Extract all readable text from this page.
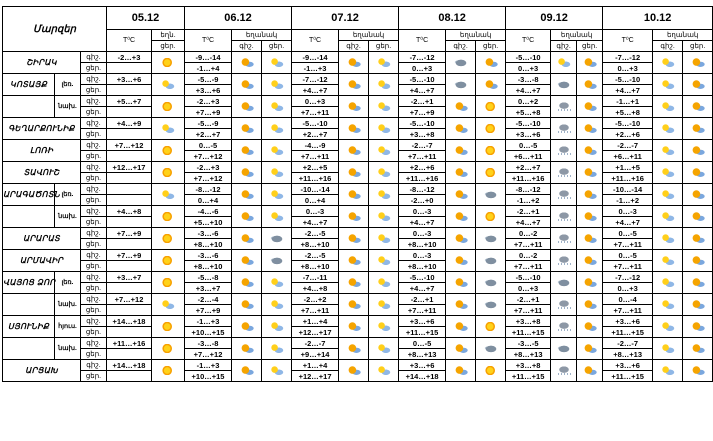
Մարզեր			05.12		06.12			07.12			08.12			09.12			10.12		
			T⁰C	եղն.	T⁰C	եղանակ		T⁰C	եղանակ		T⁰C	եղանակ		T⁰C	եղանակ		T⁰C	եղանակ	
				ցեր.		գիշ.	ցեր.		գիշ.	ցեր.		գիշ.	ցեր.		գիշ.	ցեր.		գիշ.	ցեր.
ՇԻՐԱԿ		գիշ.	-2…+3		-9…-14			-9…-14			-7…-12			-5…-10			-7…-12		
		ցեր.			-1…+4			-1…+3			0…+3			0…+3			0…+3		
ԿՈՏԱՅՔ	լեռ.	գիշ.	+3…+6		-5…-9			-7…-12			-5…-10			-3…-8			-5…-10		
		ցեր.			+3…+6			+4…+7			+4…+7			+4…+7			+4…+7		
	նախ.	գիշ.	+5…+7		-2…+3			0…+3			-2…+1			0…+2			-1…+1		
		ցեր.			+7…+9			+7…+11			+7…+9			+5…+8			+5…+8		
ԳԵՂԱՐՔՈՒՆԻՔ		գիշ.	+4…+9		-5…-9			-5…-10			-5…-10			-5…-10			-5…-10		
		ցեր.			+2…+7			+2…+7			+3…+8			+3…+6			+2…+6		
ԼՈՌԻ		գիշ.	+7…+12		0…-5			-4…-9			-2…-7			0…-5			-2…-7		
		ցեր.			+7…+12			+7…+11			+7…+11			+6…+11			+6…+11		
ՏԱՎՈՒՇ		գիշ.	+12…+17		-2…+3			+2…+5			+2…+6			+2…+7			+1…+5		
		ցեր.			+7…+12			+11…+16			+11…+16			+11…+16			+11…+16		
ԱՐԱԳԱԾՈՏՆ	լեռ.	գիշ.			-8…-12			-10…-14			-8…-12			-8…-12			-10…-14		
		ցեր.			0…+4			0…+4			-2…+0			-1…+2			-1…+2		
	նախ.	գիշ.	+4…+8		-4…-6			0…-3			0…-3			-2…+1			0…-3		
		ցեր.			+5…+10			+4…+7			+4…+7			+4…+7			+4…+7		
ԱՐԱՐԱՏ		գիշ.	+7…+9		-3…-6			-2…-5			0…-3			0…-2			0…-5		
		ցեր.			+8…+10			+8…+10			+8…+10			+7…+11			+7…+11		
ԱՐՄԱՎԻՐ		գիշ.	+7…+9		-3…-6			-2…-5			0…-3			0…-2			0…-5		
		ցեր.			+8…+10			+8…+10			+8…+10			+7…+11			+7…+11		
ՎԱՅՈՑ ՁՈՐ	լեռ.	գիշ.	+3…+7		-5…-8			-7…-11			-5…-10			-5…-10			-7…-12		
		ցեր.			+3…+7			+4…+8			+4…+7			0…+3			0…+3		
	նախ.	գիշ.	+7…+12		-2…-4			-2…+2			-2…+1			-2…+1			0…-4		
		ցեր.			+7…+9			+7…+11			+7…+11			+7…+11			+7…+11		
ՍՅՈՒՆԻՔ	հյուս.	գիշ.	+14…+18		-1…+3			+1…+4			+3…+6			+3…+8			+3…+6		
		ցեր.			+10…+15			+12…+17			+11…+15			+11…+15			+11…+15		
	նախ.	գիշ.	+11…+16		-3…-8			-2…-7			0…-5			-3…-5			-2…-7		
		ցեր.			+7…+12			+9…+14			+8…+13			+8…+13			+8…+13		
ԱՐՑԱԽ		գիշ.	+14…+18		-1…+3			+1…+4			+3…+6			+3…+8			+3…+6		
		ցեր.			+10…+15			+12…+17			+14…+18			+11…+15			+11…+15		
